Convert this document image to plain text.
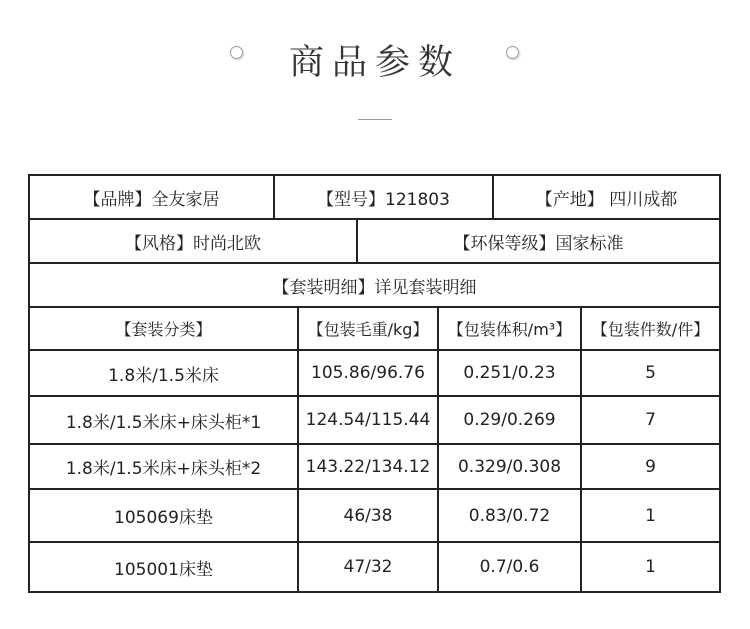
商品参数
【品牌】全友家居	【型号】121803	【产地】 四川成都
【风格】时尚北欧	【环保等级】国家标准
【套装明细】详见套装明细
【套装分类】	【包装毛重/kg】	【包装体积/m³】	【包装件数/件】
1.8米/1.5米床	105.86/96.76	0.251/0.23	5
1.8米/1.5米床+床头柜*1	124.54/115.44	0.29/0.269	7
1.8米/1.5米床+床头柜*2	143.22/134.12	0.329/0.308	9
105069床垫	46/38	0.83/0.72	1
105001床垫	47/32	0.7/0.6	1
